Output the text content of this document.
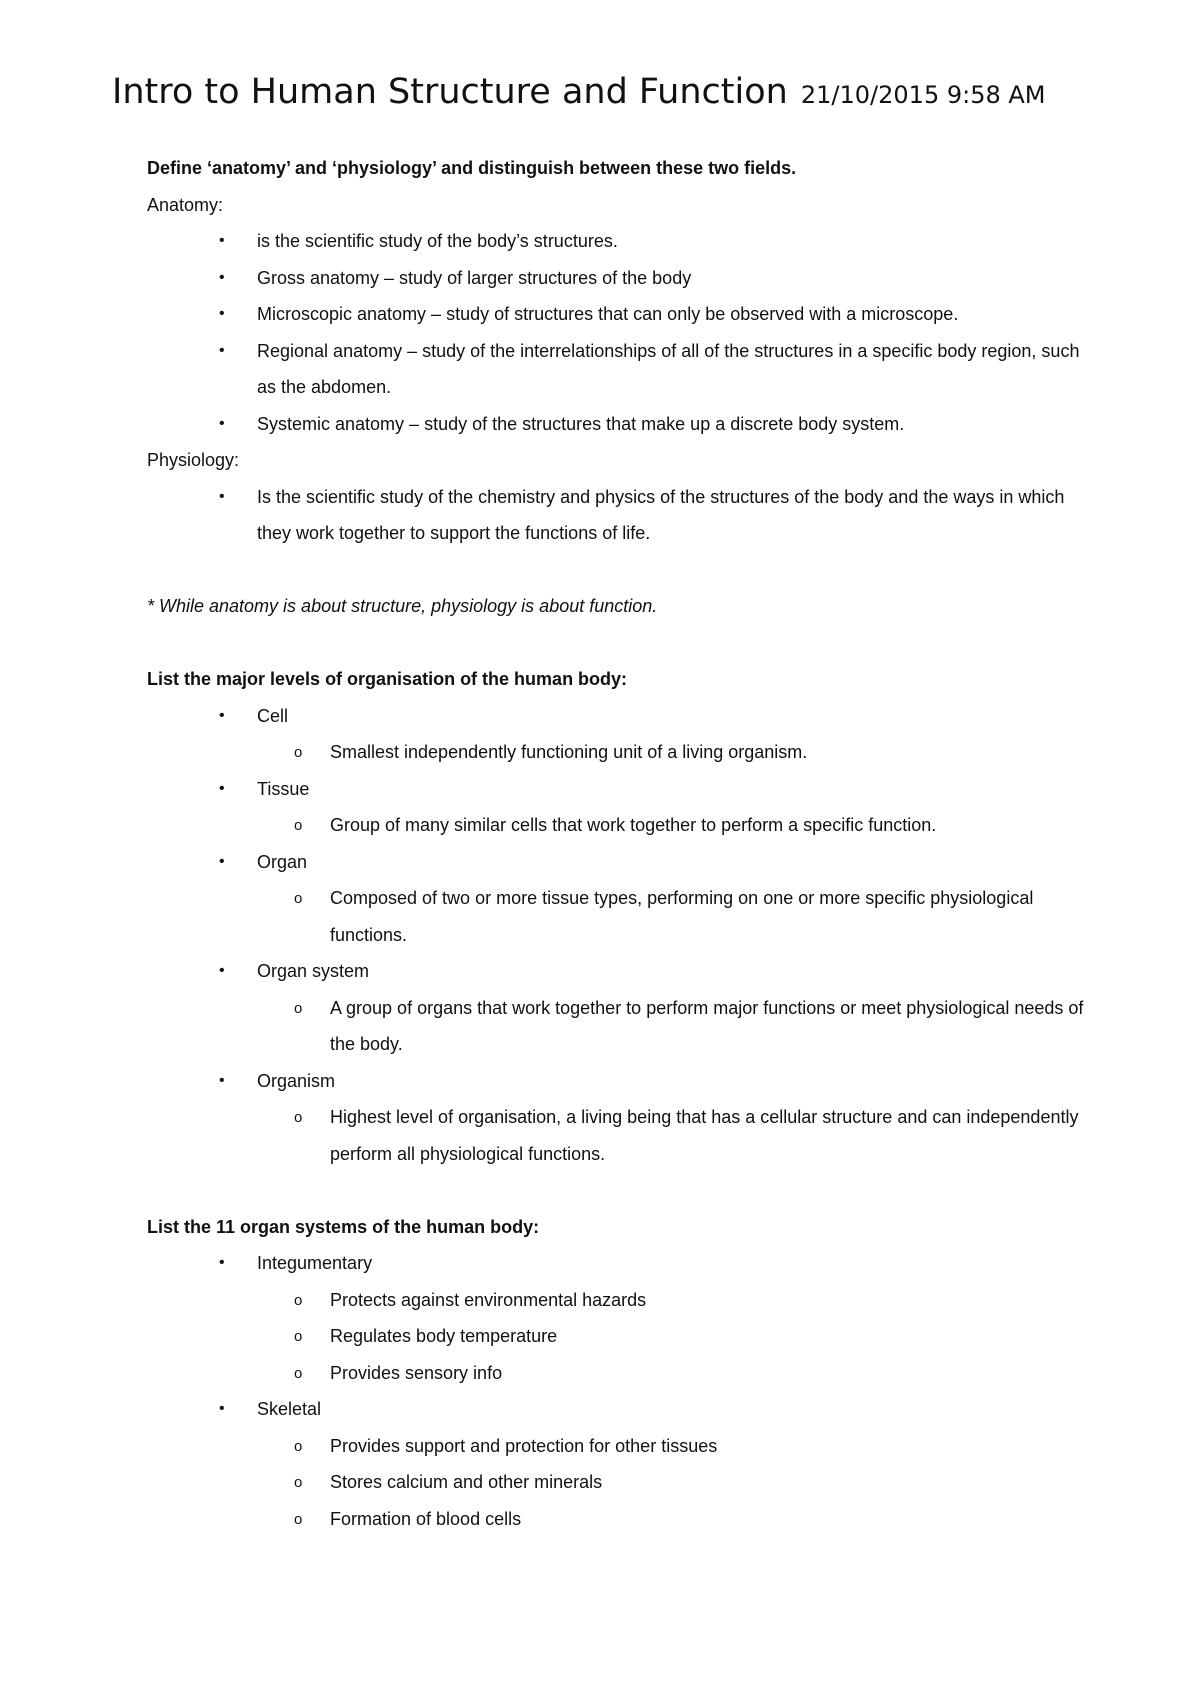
Intro to Human Structure and Function 21/10/2015 9:58 AM

Define ‘anatomy’ and ‘physiology’ and distinguish between these two fields.

Anatomy:

• is the scientific study of the body’s structures.
• Gross anatomy – study of larger structures of the body
• Microscopic anatomy – study of structures that can only be observed with a microscope.
• Regional anatomy – study of the interrelationships of all of the structures in a specific body region, such as the abdomen.
• Systemic anatomy – study of the structures that make up a discrete body system.

Physiology:

• Is the scientific study of the chemistry and physics of the structures of the body and the ways in which they work together to support the functions of life.

* While anatomy is about structure, physiology is about function.

List the major levels of organisation of the human body:

• Cell
o Smallest independently functioning unit of a living organism.
• Tissue
o Group of many similar cells that work together to perform a specific function.
• Organ
o Composed of two or more tissue types, performing on one or more specific physiological functions.
• Organ system
o A group of organs that work together to perform major functions or meet physiological needs of the body.
• Organism
o Highest level of organisation, a living being that has a cellular structure and can independently perform all physiological functions.

List the 11 organ systems of the human body:

• Integumentary
o Protects against environmental hazards
o Regulates body temperature
o Provides sensory info
• Skeletal
o Provides support and protection for other tissues
o Stores calcium and other minerals
o Formation of blood cells
